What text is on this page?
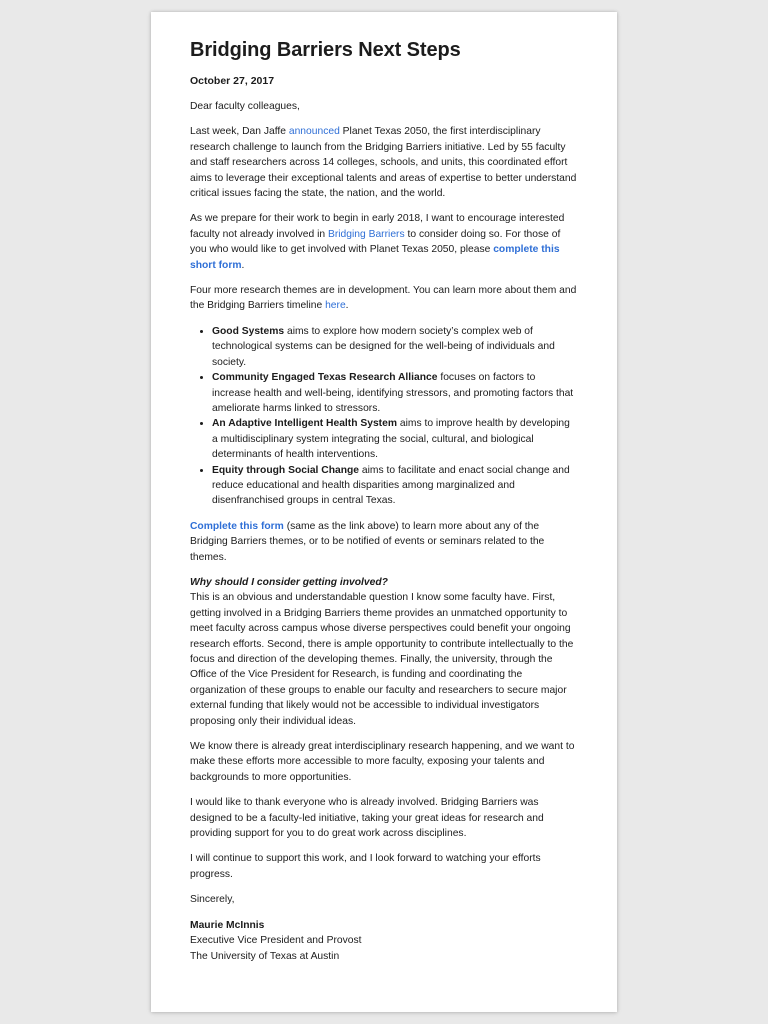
Bridging Barriers Next Steps
October 27, 2017

Dear faculty colleagues,

Last week, Dan Jaffe announced Planet Texas 2050, the first interdisciplinary research challenge to launch from the Bridging Barriers initiative. Led by 55 faculty and staff researchers across 14 colleges, schools, and units, this coordinated effort aims to leverage their exceptional talents and areas of expertise to better understand critical issues facing the state, the nation, and the world.

As we prepare for their work to begin in early 2018, I want to encourage interested faculty not already involved in Bridging Barriers to consider doing so. For those of you who would like to get involved with Planet Texas 2050, please complete this short form.

Four more research themes are in development. You can learn more about them and the Bridging Barriers timeline here.

• Good Systems aims to explore how modern society’s complex web of technological systems can be designed for the well-being of individuals and society.
• Community Engaged Texas Research Alliance focuses on factors to increase health and well-being, identifying stressors, and promoting factors that ameliorate harms linked to stressors.
• An Adaptive Intelligent Health System aims to improve health by developing a multidisciplinary system integrating the social, cultural, and biological determinants of health interventions.
• Equity through Social Change aims to facilitate and enact social change and reduce educational and health disparities among marginalized and disenfranchised groups in central Texas.

Complete this form (same as the link above) to learn more about any of the Bridging Barriers themes, or to be notified of events or seminars related to the themes.

Why should I consider getting involved?
This is an obvious and understandable question I know some faculty have. First, getting involved in a Bridging Barriers theme provides an unmatched opportunity to meet faculty across campus whose diverse perspectives could benefit your ongoing research efforts. Second, there is ample opportunity to contribute intellectually to the focus and direction of the developing themes. Finally, the university, through the Office of the Vice President for Research, is funding and coordinating the organization of these groups to enable our faculty and researchers to secure major external funding that likely would not be accessible to individual investigators proposing only their individual ideas.

We know there is already great interdisciplinary research happening, and we want to make these efforts more accessible to more faculty, exposing your talents and backgrounds to more opportunities.

I would like to thank everyone who is already involved. Bridging Barriers was designed to be a faculty-led initiative, taking your great ideas for research and providing support for you to do great work across disciplines.

I will continue to support this work, and I look forward to watching your efforts progress.

Sincerely,

Maurie McInnis
Executive Vice President and Provost
The University of Texas at Austin
